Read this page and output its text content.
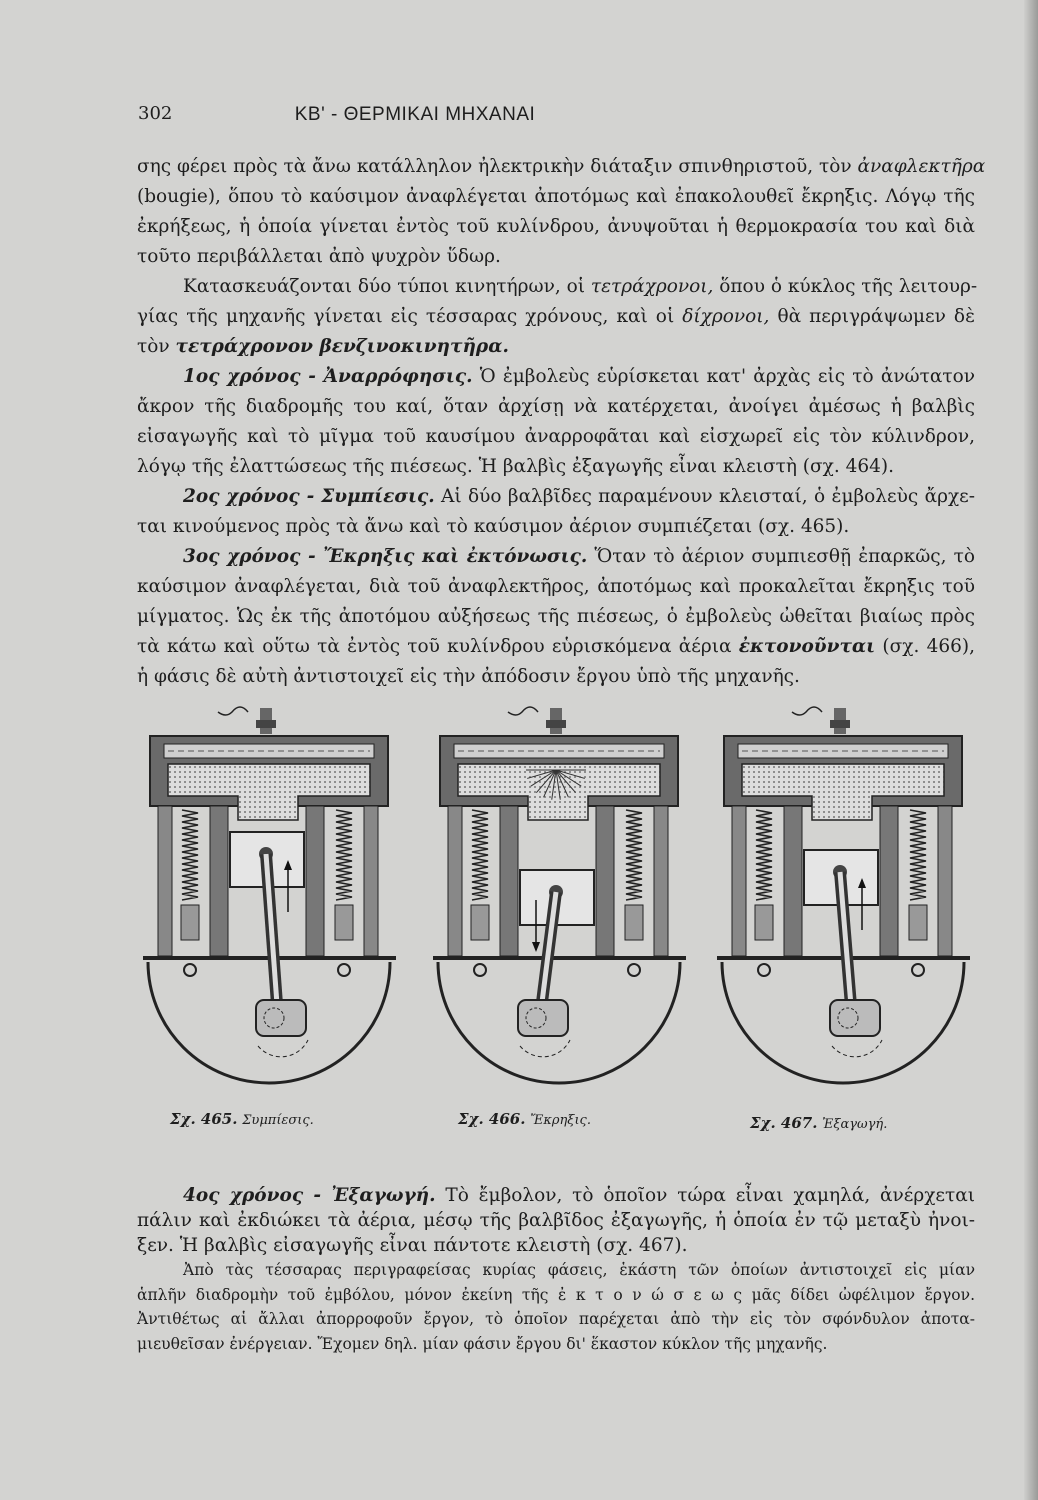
302	ΚΒ' - ΘΕΡΜΙΚΑΙ ΜΗΧΑΝΑΙ
σης φέρει πρὸς τὰ ἄνω κατάλληλον ἠλεκτρικὴν διάταξιν σπινθηριστοῦ, τὸν ἀναφλεκτῆρα
(bougie), ὅπου τὸ καύσιμον ἀναφλέγεται ἀποτόμως καὶ ἐπακολουθεῖ ἔκρηξις. Λόγῳ τῆς
ἐκρήξεως, ἡ ὁποία γίνεται ἐντὸς τοῦ κυλίνδρου, ἀνυψοῦται ἡ θερμοκρασία του καὶ διὰ
τοῦτο περιβάλλεται ἀπὸ ψυχρὸν ὕδωρ.
Κατασκευάζονται δύο τύποι κινητήρων, οἱ τετράχρονοι, ὅπου ὁ κύκλος τῆς λειτουρ-
γίας τῆς μηχανῆς γίνεται εἰς τέσσαρας χρόνους, καὶ οἱ δίχρονοι, θὰ περιγράψωμεν δὲ
τὸν τετράχρονον βενζινοκινητῆρα.
1ος χρόνος - Ἀναρρόφησις. Ὁ ἐμβολεὺς εὑρίσκεται κατ' ἀρχὰς εἰς τὸ ἀνώτατον
ἄκρον τῆς διαδρομῆς του καί, ὅταν ἀρχίσῃ νὰ κατέρχεται, ἀνοίγει ἀμέσως ἡ βαλβὶς
εἰσαγωγῆς καὶ τὸ μῖγμα τοῦ καυσίμου ἀναρροφᾶται καὶ εἰσχωρεῖ εἰς τὸν κύλινδρον,
λόγῳ τῆς ἐλαττώσεως τῆς πιέσεως. Ἡ βαλβὶς ἐξαγωγῆς εἶναι κλειστὴ (σχ. 464).
2ος χρόνος - Συμπίεσις. Αἱ δύο βαλβῖδες παραμένουν κλεισταί, ὁ ἐμβολεὺς ἄρχε-
ται κινούμενος πρὸς τὰ ἄνω καὶ τὸ καύσιμον ἀέριον συμπιέζεται (σχ. 465).
3ος χρόνος - Ἔκρηξις καὶ ἐκτόνωσις. Ὅταν τὸ ἀέριον συμπιεσθῇ ἐπαρκῶς, τὸ
καύσιμον ἀναφλέγεται, διὰ τοῦ ἀναφλεκτῆρος, ἀποτόμως καὶ προκαλεῖται ἔκρηξις τοῦ
μίγματος. Ὡς ἐκ τῆς ἀποτόμου αὐξήσεως τῆς πιέσεως, ὁ ἐμβολεὺς ὠθεῖται βιαίως πρὸς
τὰ κάτω καὶ οὕτω τὰ ἐντὸς τοῦ κυλίνδρου εὑρισκόμενα ἀέρια ἐκτονοῦνται (σχ. 466),
ἡ φάσις δὲ αὐτὴ ἀντιστοιχεῖ εἰς τὴν ἀπόδοσιν ἔργου ὑπὸ τῆς μηχανῆς.
Σχ. 465. Συμπίεσις.	Σχ. 466. Ἔκρηξις.	Σχ. 467. Ἐξαγωγή.
4ος χρόνος - Ἐξαγωγή. Τὸ ἔμβολον, τὸ ὁποῖον τώρα εἶναι χαμηλά, ἀνέρχεται
πάλιν καὶ ἐκδιώκει τὰ ἀέρια, μέσῳ τῆς βαλβῖδος ἐξαγωγῆς, ἡ ὁποία ἐν τῷ μεταξὺ ἠνοι-
ξεν. Ἡ βαλβὶς εἰσαγωγῆς εἶναι πάντοτε κλειστὴ (σχ. 467).
Ἀπὸ τὰς τέσσαρας περιγραφείσας κυρίας φάσεις, ἑκάστη τῶν ὁποίων ἀντιστοιχεῖ εἰς μίαν
ἁπλῆν διαδρομὴν τοῦ ἐμβόλου, μόνον ἐκείνη τῆς ἐ κ τ ο ν ώ σ ε ω ς μᾶς δίδει ὠφέλιμον ἔργον.
Ἀντιθέτως αἱ ἄλλαι ἀπορροφοῦν ἔργον, τὸ ὁποῖον παρέχεται ἀπὸ τὴν εἰς τὸν σφόνδυλον ἀποτα-
μιευθεῖσαν ἐνέργειαν. Ἔχομεν δηλ. μίαν φάσιν ἔργου δι' ἕκαστον κύκλον τῆς μηχανῆς.
